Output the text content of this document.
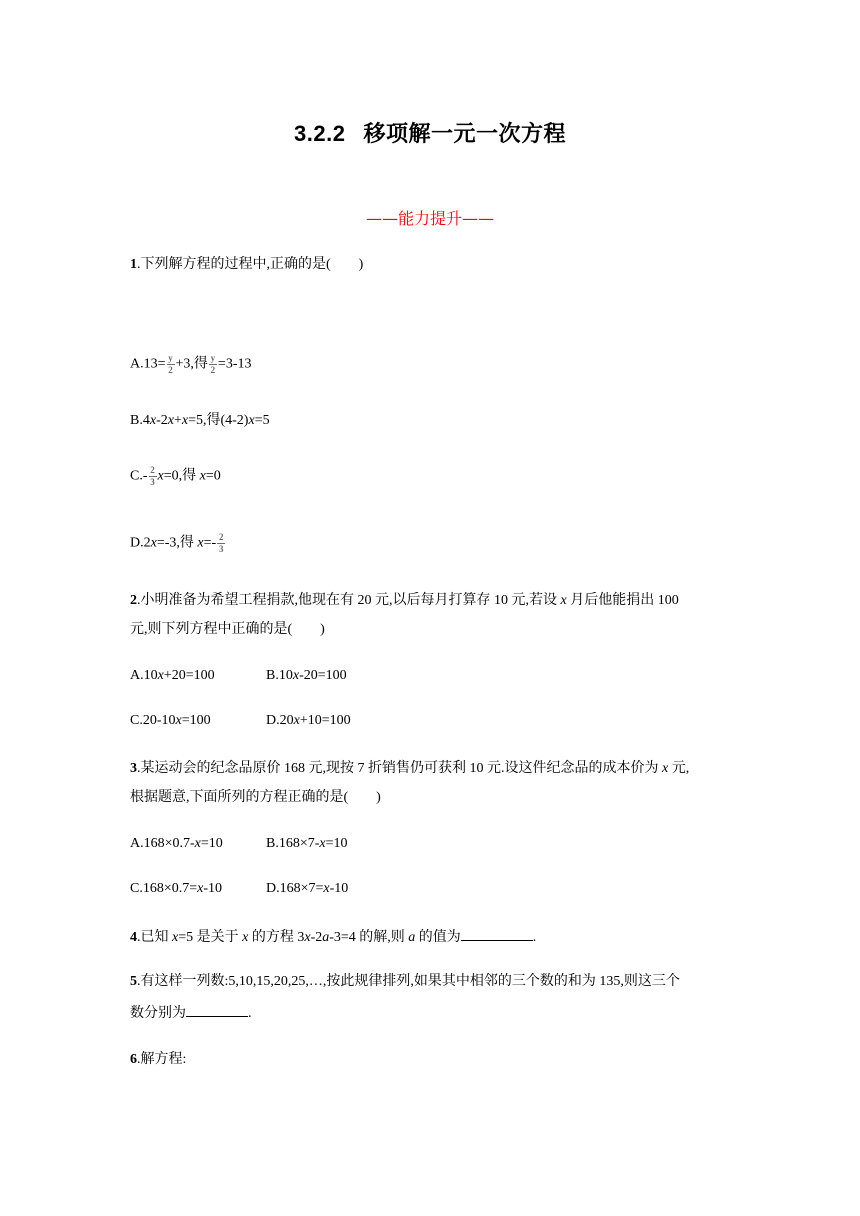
3.2.2 移项解一元一次方程
——能力提升——
1.下列解方程的过程中,正确的是(　　)
$A.13= \frac{y}{2} +3$,得 $\frac{y}{2} =3-13$
B.4x-2x+x=5,得(4-2)x=5
$C.- \frac{2}{3} x=0$,得 x=0
D.2x=-3,得 $x=- \frac{2}{3}$
2.小明准备为希望工程捐款,他现在有 20 元,以后每月打算存 10 元,若设 x 月后他能捐出 100
元,则下列方程中正确的是(　　)
A.10x+20=100	B.10x-20=100
C.20-10x=100	D.20x+10=100
3.某运动会的纪念品原价 168 元,现按 7 折销售仍可获利 10 元.设这件纪念品的成本价为 x 元,
根据题意,下面所列的方程正确的是(　　)
A.168×0.7-x=10	B.168×7-x=10
C.168×0.7=x-10	D.168×7=x-10
4.已知 x=5 是关于 x 的方程 3x-2a-3=4 的解,则 a 的值为	.
5.有这样一列数:5,10,15,20,25,…,按此规律排列,如果其中相邻的三个数的和为 135,则这三个
数分别为	.
6.解方程:
